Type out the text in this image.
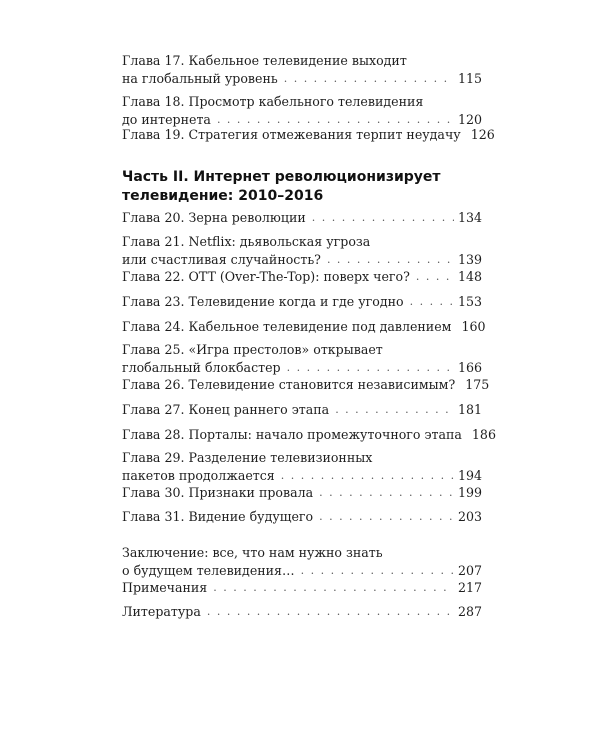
Глава 17. Кабельное телевидение выходит
на глобальный уровень . . .	115
Глава 18. Просмотр кабельного телевидения
до интернета . . .	120
Глава 19. Стратегия отмежевания терпит неудачу 126
Часть II. Интернет революционизирует
телевидение: 2010–2016
Глава 20. Зерна революции . . .	134
Глава 21. Netflix: дьявольская угроза
или счастливая случайность? . . .	139
Глава 22. OTT (Over-The-Top): поверх чего? . . .	148
Глава 23. Телевидение когда и где угодно . . .	153
Глава 24. Кабельное телевидение под давлением 160
Глава 25. «Игра престолов» открывает
глобальный блокбастер . . .	166
Глава 26. Телевидение становится независимым? 175
Глава 27. Конец раннего этапа . . .	181
Глава 28. Порталы: начало промежуточного этапа 186
Глава 29. Разделение телевизионных
пакетов продолжается . . .	194
Глава 30. Признаки провала . . .	199
Глава 31. Видение будущего . . .	203
Заключение: все, что нам нужно знать
о будущем телевидения… . . .	207
Примечания . . .	217
Литература . . .	287
